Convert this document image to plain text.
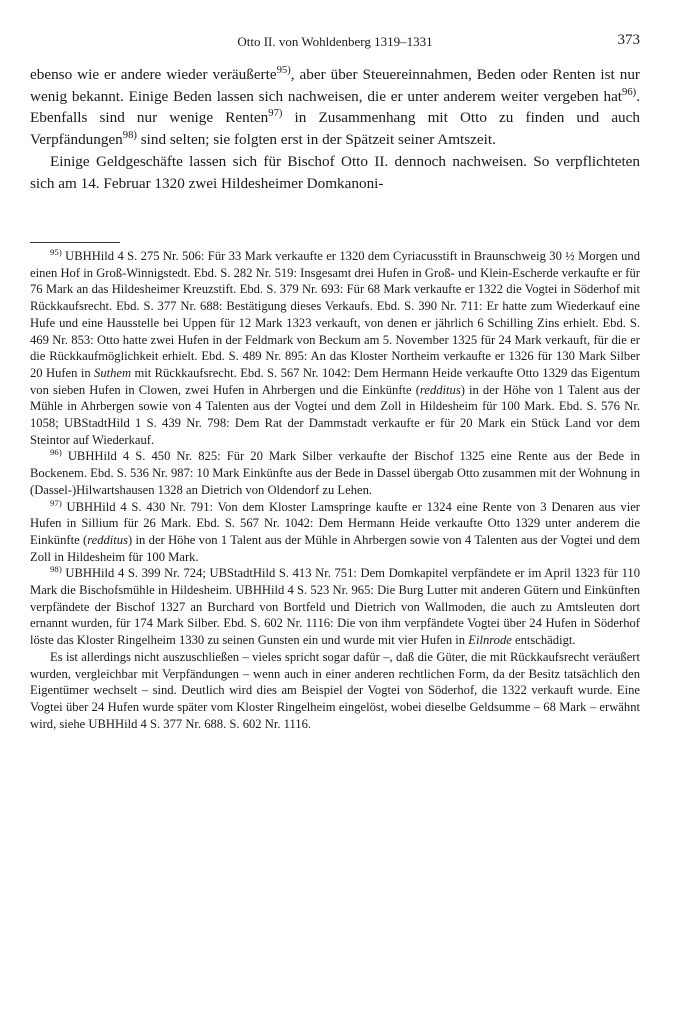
Otto II. von Wohldenberg 1319–1331	373

ebenso wie er andere wieder veräußerte$^{95)}$, aber über Steuereinnahmen, Beden oder Renten ist nur wenig bekannt. Einige Beden lassen sich nachweisen, die er unter anderem weiter vergeben hat$^{96)}$. Ebenfalls sind nur wenige Renten$^{97)}$ in Zusammenhang mit Otto zu finden und auch Verpfändungen$^{98)}$ sind selten; sie folgten erst in der Spätzeit seiner Amtszeit.

Einige Geldgeschäfte lassen sich für Bischof Otto II. dennoch nachweisen. So verpflichteten sich am 14. Februar 1320 zwei Hildesheimer Domkanoni-

$^{95)}$ UBHHild 4 S. 275 Nr. 506: Für 33 Mark verkaufte er 1320 dem Cyriacusstift in Braunschweig 30 ½ Morgen und einen Hof in Groß-Winnigstedt. Ebd. S. 282 Nr. 519: Insgesamt drei Hufen in Groß- und Klein-Escherde verkaufte er für 76 Mark an das Hildesheimer Kreuzstift. Ebd. S. 379 Nr. 693: Für 68 Mark verkaufte er 1322 die Vogtei in Söderhof mit Rückkaufsrecht. Ebd. S. 377 Nr. 688: Bestätigung dieses Verkaufs. Ebd. S. 390 Nr. 711: Er hatte zum Wiederkauf eine Hufe und eine Hausstelle bei Uppen für 12 Mark 1323 verkauft, von denen er jährlich 6 Schilling Zins erhielt. Ebd. S. 469 Nr. 853: Otto hatte zwei Hufen in der Feldmark von Beckum am 5. November 1325 für 24 Mark verkauft, für die er die Rückkaufmöglichkeit erhielt. Ebd. S. 489 Nr. 895: An das Kloster Northeim verkaufte er 1326 für 130 Mark Silber 20 Hufen in Suthem mit Rückkaufsrecht. Ebd. S. 567 Nr. 1042: Dem Hermann Heide verkaufte Otto 1329 das Eigentum von sieben Hufen in Clowen, zwei Hufen in Ahrbergen und die Einkünfte (redditus) in der Höhe von 1 Talent aus der Mühle in Ahrbergen sowie von 4 Talenten aus der Vogtei und dem Zoll in Hildesheim für 100 Mark. Ebd. S. 576 Nr. 1058; UBStadtHild 1 S. 439 Nr. 798: Dem Rat der Dammstadt verkaufte er für 20 Mark ein Stück Land vor dem Steintor auf Wiederkauf.

$^{96)}$ UBHHild 4 S. 450 Nr. 825: Für 20 Mark Silber verkaufte der Bischof 1325 eine Rente aus der Bede in Bockenem. Ebd. S. 536 Nr. 987: 10 Mark Einkünfte aus der Bede in Dassel übergab Otto zusammen mit der Wohnung in (Dassel-)Hilwartshausen 1328 an Dietrich von Oldendorf zu Lehen.

$^{97)}$ UBHHild 4 S. 430 Nr. 791: Von dem Kloster Lamspringe kaufte er 1324 eine Rente von 3 Denaren aus vier Hufen in Sillium für 26 Mark. Ebd. S. 567 Nr. 1042: Dem Hermann Heide verkaufte Otto 1329 unter anderem die Einkünfte (redditus) in der Höhe von 1 Talent aus der Mühle in Ahrbergen sowie von 4 Talenten aus der Vogtei und dem Zoll in Hildesheim für 100 Mark.

$^{98)}$ UBHHild 4 S. 399 Nr. 724; UBStadtHild S. 413 Nr. 751: Dem Domkapitel verpfändete er im April 1323 für 110 Mark die Bischofsmühle in Hildesheim. UBHHild 4 S. 523 Nr. 965: Die Burg Lutter mit anderen Gütern und Einkünften verpfändete der Bischof 1327 an Burchard von Bortfeld und Dietrich von Wallmoden, die auch zu Amtsleuten dort ernannt wurden, für 174 Mark Silber. Ebd. S. 602 Nr. 1116: Die von ihm verpfändete Vogtei über 24 Hufen in Söderhof löste das Kloster Ringelheim 1330 zu seinen Gunsten ein und wurde mit vier Hufen in Eilnrode entschädigt.

Es ist allerdings nicht auszuschließen – vieles spricht sogar dafür –, daß die Güter, die mit Rückkaufsrecht veräußert wurden, vergleichbar mit Verpfändungen – wenn auch in einer anderen rechtlichen Form, da der Besitz tatsächlich den Eigentümer wechselt – sind. Deutlich wird dies am Beispiel der Vogtei von Söderhof, die 1322 verkauft wurde. Eine Vogtei über 24 Hufen wurde später vom Kloster Ringelheim eingelöst, wobei dieselbe Geldsumme – 68 Mark – erwähnt wird, siehe UBHHild 4 S. 377 Nr. 688. S. 602 Nr. 1116.
